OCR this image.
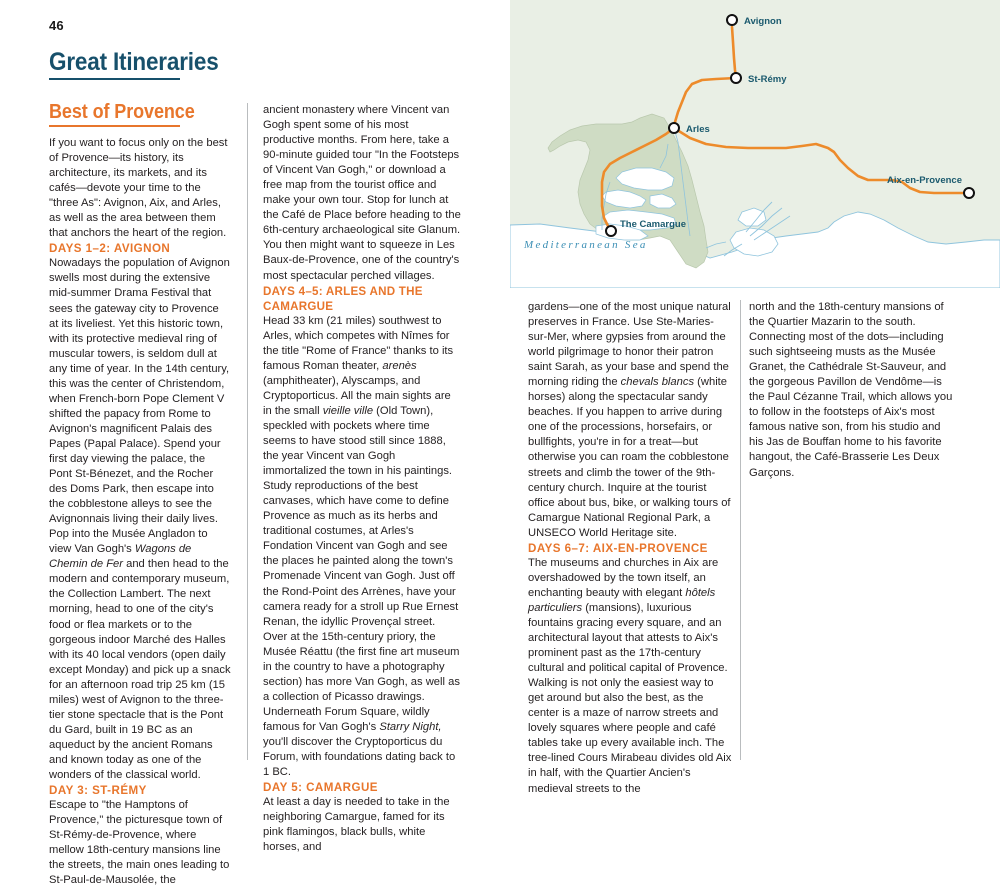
Mediterranean Sea
Avignon
St-Rémy
Arles
Aix-en-Provence
The Camargue
46
Great Itineraries
Best of Provence

If you want to focus only on the best of Provence—its history, its architecture, its markets, and its cafés—devote your time to the "three As": Avignon, Aix, and Arles, as well as the area between them that anchors the heart of the region.

DAYS 1–2: AVIGNON

Nowadays the population of Avignon swells most during the extensive mid-summer Drama Festival that sees the gateway city to Provence at its liveliest. Yet this historic town, with its protective medieval ring of muscular towers, is seldom dull at any time of year. In the 14th century, this was the center of Christendom, when French-born Pope Clement V shifted the papacy from Rome to Avignon's magnificent Palais des Papes (Papal Palace). Spend your first day viewing the palace, the Pont St-Bénezet, and the Rocher des Doms Park, then escape into the cobblestone alleys to see the Avignonnais living their daily lives. Pop into the Musée Angladon to view Van Gogh's Wagons de Chemin de Fer and then head to the modern and contemporary museum, the Collection Lambert. The next morning, head to one of the city's food or flea markets or to the gorgeous indoor Marché des Halles with its 40 local vendors (open daily except Monday) and pick up a snack for an afternoon road trip 25 km (15 miles) west of Avignon to the three-tier stone spectacle that is the Pont du Gard, built in 19 BC as an aqueduct by the ancient Romans and known today as one of the wonders of the classical world.

DAY 3: ST-RÉMY

Escape to "the Hamptons of Provence," the picturesque town of St-Rémy-de-Provence, where mellow 18th-century mansions line the streets, the main ones leading to St-Paul-de-Mausolée, the

ancient monastery where Vincent van Gogh spent some of his most productive months. From here, take a 90-minute guided tour "In the Footsteps of Vincent Van Gogh," or download a free map from the tourist office and make your own tour. Stop for lunch at the Café de Place before heading to the 6th-century archaeological site Glanum. You then might want to squeeze in Les Baux-de-Provence, one of the country's most spectacular perched villages.

DAYS 4–5: ARLES AND THE CAMARGUE

Head 33 km (21 miles) southwest to Arles, which competes with Nîmes for the title "Rome of France" thanks to its famous Roman theater, arenès (amphitheater), Alyscamps, and Cryptoporticus. All the main sights are in the small vieille ville (Old Town), speckled with pockets where time seems to have stood still since 1888, the year Vincent van Gogh immortalized the town in his paintings. Study reproductions of the best canvases, which have come to define Provence as much as its herbs and traditional costumes, at Arles's Fondation Vincent van Gogh and see the places he painted along the town's Promenade Vincent van Gogh. Just off the Rond-Point des Arrènes, have your camera ready for a stroll up Rue Ernest Renan, the idyllic Provençal street. Over at the 15th-century priory, the Musée Réattu (the first fine art museum in the country to have a photography section) has more Van Gogh, as well as a collection of Picasso drawings. Underneath Forum Square, wildly famous for Van Gogh's Starry Night, you'll discover the Cryptoporticus du Forum, with foundations dating back to 1 BC.

DAY 5: CAMARGUE

At least a day is needed to take in the neighboring Camargue, famed for its pink flamingos, black bulls, white horses, and

gardens—one of the most unique natural preserves in France. Use Ste-Maries-sur-Mer, where gypsies from around the world pilgrimage to honor their patron saint Sarah, as your base and spend the morning riding the chevals blancs (white horses) along the spectacular sandy beaches. If you happen to arrive during one of the processions, horsefairs, or bullfights, you're in for a treat—but otherwise you can roam the cobblestone streets and climb the tower of the 9th-century church. Inquire at the tourist office about bus, bike, or walking tours of Camargue National Regional Park, a UNSECO World Heritage site.

DAYS 6–7: AIX-EN-PROVENCE

The museums and churches in Aix are overshadowed by the town itself, an enchanting beauty with elegant hôtels particuliers (mansions), luxurious fountains gracing every square, and an architectural layout that attests to Aix's prominent past as the 17th-century cultural and political capital of Provence. Walking is not only the easiest way to get around but also the best, as the center is a maze of narrow streets and lovely squares where people and café tables take up every available inch. The tree-lined Cours Mirabeau divides old Aix in half, with the Quartier Ancien's medieval streets to the

north and the 18th-century mansions of the Quartier Mazarin to the south. Connecting most of the dots—including such sightseeing musts as the Musée Granet, the Cathédrale St-Sauveur, and the gorgeous Pavillon de Vendôme—is the Paul Cézanne Trail, which allows you to follow in the footsteps of Aix's most famous native son, from his studio and his Jas de Bouffan home to his favorite hangout, the Café-Brasserie Les Deux Garçons.
